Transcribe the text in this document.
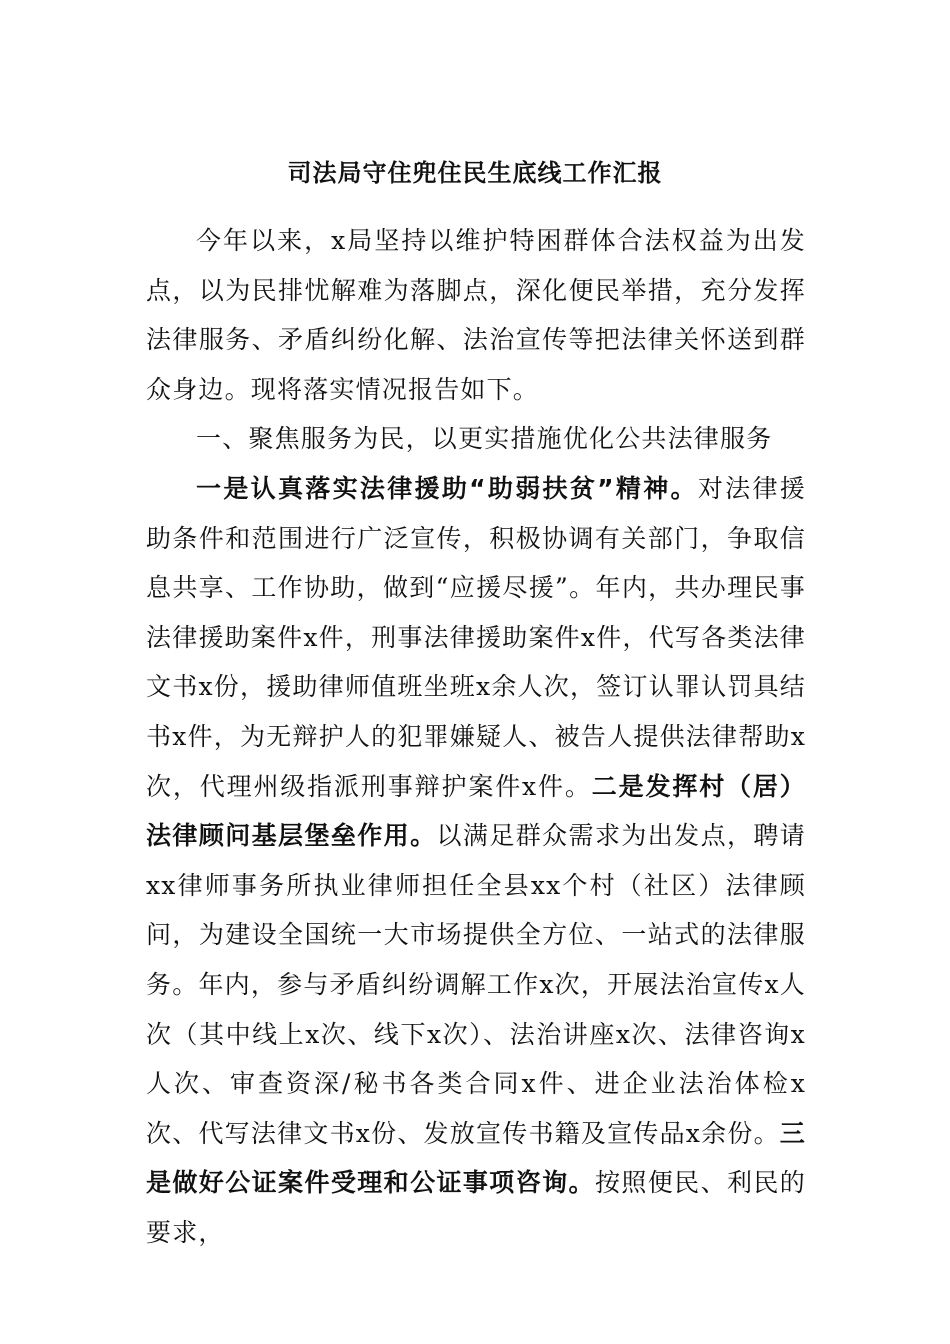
司法局守住兜住民生底线工作汇报

今年以来，x局坚持以维护特困群体合法权益为出发点，以为民排忧解难为落脚点，深化便民举措，充分发挥法律服务、矛盾纠纷化解、法治宣传等把法律关怀送到群众身边。现将落实情况报告如下。

一、聚焦服务为民，以更实措施优化公共法律服务

一是认真落实法律援助“助弱扶贫”精神。对法律援助条件和范围进行广泛宣传，积极协调有关部门，争取信息共享、工作协助，做到“应援尽援”。年内，共办理民事法律援助案件x件，刑事法律援助案件x件，代写各类法律文书x份，援助律师值班坐班x余人次，签订认罪认罚具结书x件，为无辩护人的犯罪嫌疑人、被告人提供法律帮助x次，代理州级指派刑事辩护案件x件。二是发挥村（居）法律顾问基层堡垒作用。以满足群众需求为出发点，聘请xx律师事务所执业律师担任全县xx个村（社区）法律顾问，为建设全国统一大市场提供全方位、一站式的法律服务。年内，参与矛盾纠纷调解工作x次，开展法治宣传x人次（其中线上x次、线下x次）、法治讲座x次、法律咨询x人次、审查资深/秘书各类合同x件、进企业法治体检x次、代写法律文书x份、发放宣传书籍及宣传品x余份。三是做好公证案件受理和公证事项咨询。按照便民、利民的要求，
